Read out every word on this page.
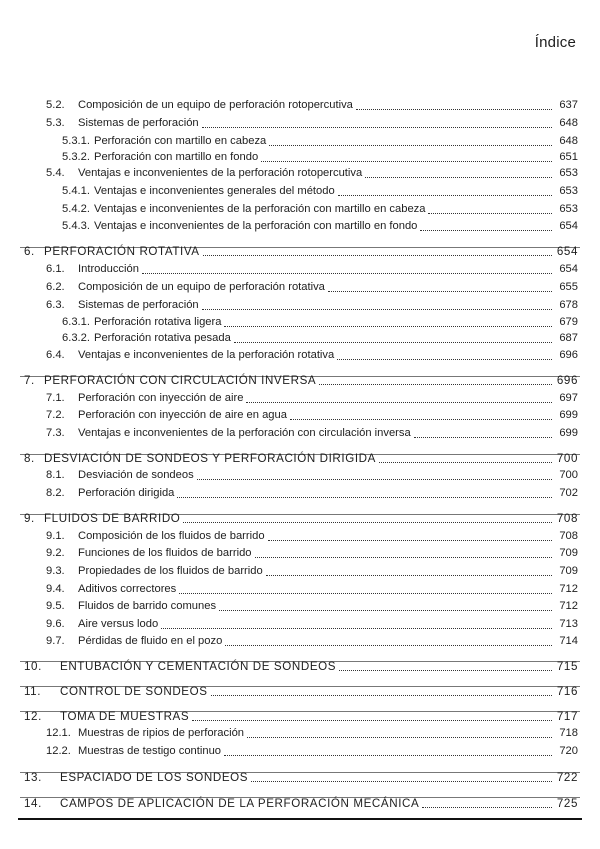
Índice
5.2. Composición de un equipo de perforación rotopercutiva	637
5.3. Sistemas de perforación	648
5.3.1. Perforación con martillo en cabeza	648
5.3.2. Perforación con martillo en fondo	651
5.4. Ventajas e inconvenientes de la perforación rotopercutiva	653
5.4.1. Ventajas e inconvenientes generales del método	653
5.4.2. Ventajas e inconvenientes de la perforación con martillo en cabeza	653
5.4.3. Ventajas e inconvenientes de la perforación con martillo en fondo	654
6. PERFORACIÓN ROTATIVA	654
6.1. Introducción	654
6.2. Composición de un equipo de perforación rotativa	655
6.3. Sistemas de perforación	678
6.3.1. Perforación rotativa ligera	679
6.3.2. Perforación rotativa pesada	687
6.4. Ventajas e inconvenientes de la perforación rotativa	696
7. PERFORACIÓN CON CIRCULACIÓN INVERSA	696
7.1. Perforación con inyección de aire	697
7.2. Perforación con inyección de aire en agua	699
7.3. Ventajas e inconvenientes de la perforación con circulación inversa	699
8. DESVIACIÓN DE SONDEOS Y PERFORACIÓN DIRIGIDA	700
8.1. Desviación de sondeos	700
8.2. Perforación dirigida	702
9. FLUIDOS DE BARRIDO	708
9.1. Composición de los fluidos de barrido	708
9.2. Funciones de los fluidos de barrido	709
9.3. Propiedades de los fluidos de barrido	709
9.4. Aditivos correctores	712
9.5. Fluidos de barrido comunes	712
9.6. Aire versus lodo	713
9.7. Pérdidas de fluido en el pozo	714
10. ENTUBACIÓN Y CEMENTACIÓN DE SONDEOS	715
11. CONTROL DE SONDEOS	716
12. TOMA DE MUESTRAS	717
12.1. Muestras de ripios de perforación	718
12.2. Muestras de testigo continuo	720
13. ESPACIADO DE LOS SONDEOS	722
14. CAMPOS DE APLICACIÓN DE LA PERFORACIÓN MECÁNICA	725
